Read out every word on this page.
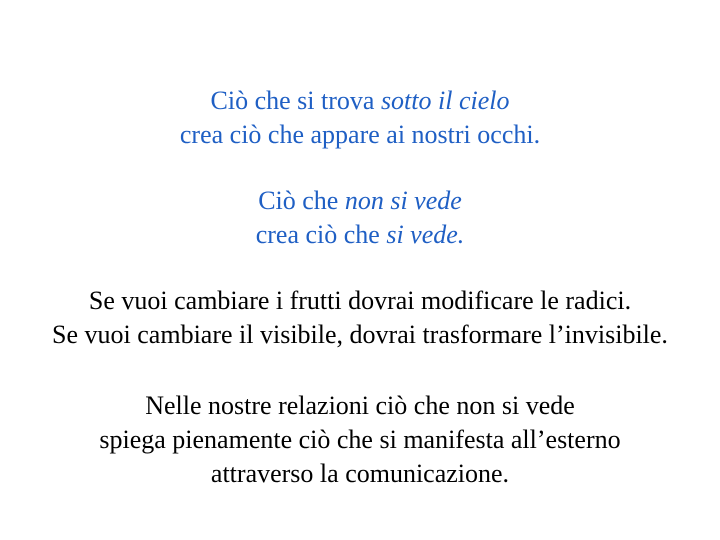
Ciò che si trova sotto il cielo
crea ciò che appare ai nostri occhi.
Ciò che non si vede
crea ciò che si vede.
Se vuoi cambiare i frutti dovrai modificare le radici.
Se vuoi cambiare il visibile, dovrai trasformare l’invisibile.
Nelle nostre relazioni ciò che non si vede
spiega pienamente ciò che si manifesta all’esterno
attraverso la comunicazione.
